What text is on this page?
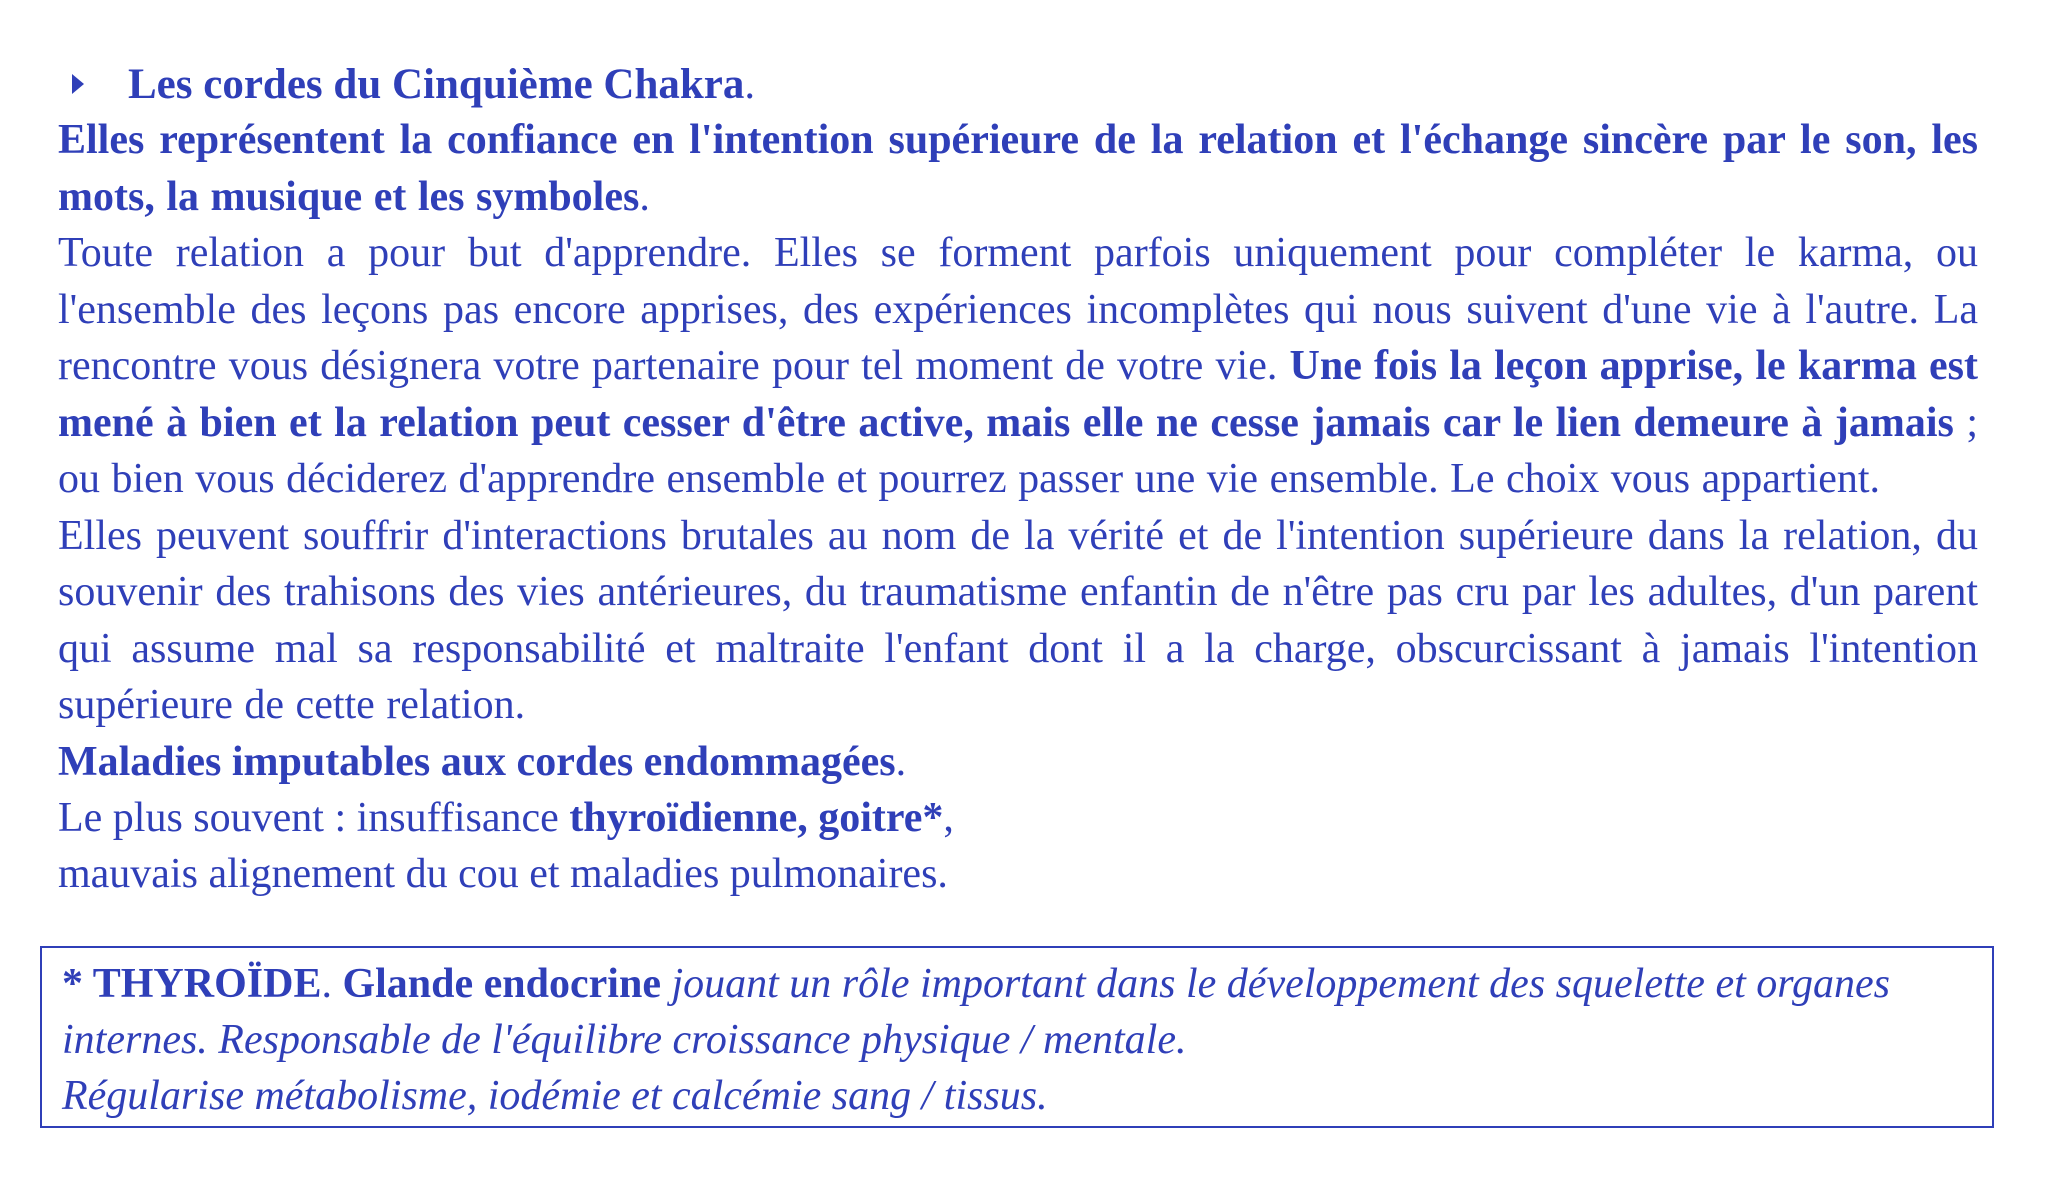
Les cordes du Cinquième Chakra .

Elles représentent la confiance en l'intention supérieure de la relation et l'échange sincère par le son, les mots, la musique et les symboles.

Toute relation a pour but d'apprendre. Elles se forment parfois uniquement pour compléter le karma, ou l'ensemble des leçons pas encore apprises, des expériences incomplètes qui nous suivent d'une vie à l'autre. La rencontre vous désignera votre partenaire pour tel moment de votre vie. Une fois la leçon apprise, le karma est mené à bien et la relation peut cesser d'être active, mais elle ne cesse jamais car le lien demeure à jamais ; ou bien vous déciderez d'apprendre ensemble et pourrez passer une vie ensemble. Le choix vous appartient.

Elles peuvent souffrir d'interactions brutales au nom de la vérité et de l'intention supérieure dans la relation, du souvenir des trahisons des vies antérieures, du traumatisme enfantin de n'être pas cru par les adultes, d'un parent qui assume mal sa responsabilité et maltraite l'enfant dont il a la charge, obscurcissant à jamais l'intention supérieure de cette relation.

Maladies imputables aux cordes endommagées.
Le plus souvent : insuffisance thyroïdienne, goitre*,
mauvais alignement du cou et maladies pulmonaires.
* THYROÏDE. Glande endocrine jouant un rôle important dans le développement des squelette et organes internes. Responsable de l'équilibre croissance physique / mentale.
Régularise métabolisme, iodémie et calcémie sang / tissus.
